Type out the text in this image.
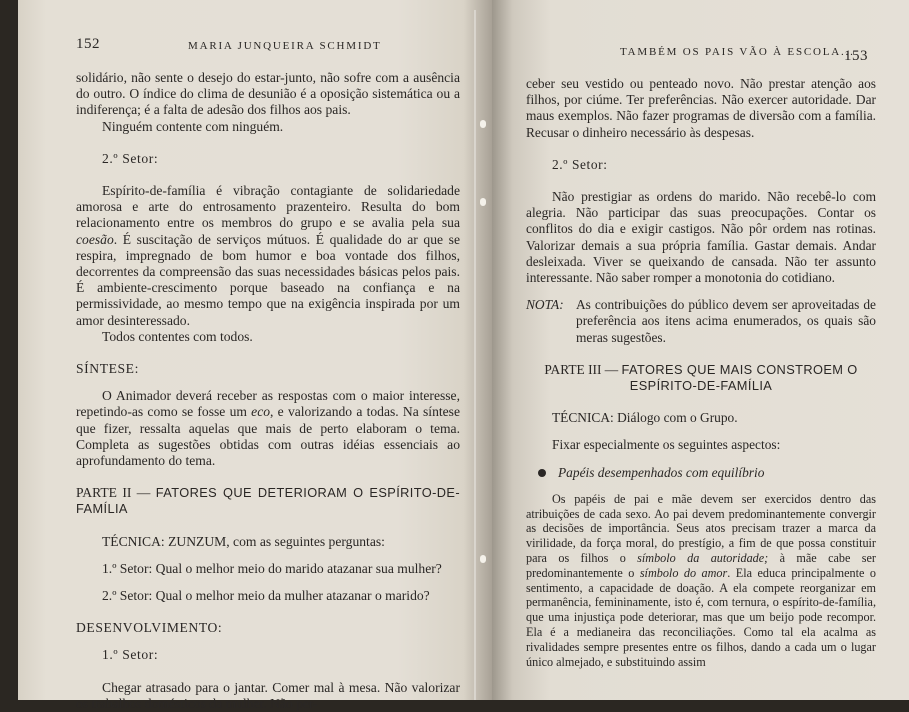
152	MARIA JUNQUEIRA SCHMIDT

solidário, não sente o desejo do estar-junto, não sofre com a ausência do outro. O índice do clima de desunião é a oposição sistemática ou a indiferença; é a falta de adesão dos filhos aos pais.

Ninguém contente com ninguém.

2.º Setor:

Espírito-de-família é vibração contagiante de solidariedade amorosa e arte do entrosamento prazenteiro. Resulta do bom relacionamento entre os membros do grupo e se avalia pela sua coesão. É suscitação de serviços mútuos. É qualidade do ar que se respira, impregnado de bom humor e boa vontade dos filhos, decorrentes da compreensão das suas necessidades básicas pelos pais. É ambiente-crescimento porque baseado na confiança e na permissividade, ao mesmo tempo que na exigência inspirada por um amor desinteressado.

Todos contentes com todos.

SÍNTESE:

O Animador deverá receber as respostas com o maior interesse, repetindo-as como se fosse um eco, e valorizando a todas. Na síntese que fizer, ressalta aquelas que mais de perto elaboram o tema. Completa as sugestões obtidas com outras idéias essenciais ao aprofundamento do tema.

PARTE II — FATORES QUE DETERIORAM O ESPÍRITO-DE-FAMÍLIA

TÉCNICA: ZUNZUM, com as seguintes perguntas:

1.º Setor: Qual o melhor meio do marido atazanar sua mulher?

2.º Setor: Qual o melhor meio da mulher atazanar o marido?

DESENVOLVIMENTO:

1.º Setor:

Chegar atrasado para o jantar. Comer mal à mesa. Não valorizar os trabalhos domésticos da mulher. Não per-

TAMBÉM OS PAIS VÃO À ESCOLA...
153

ceber seu vestido ou penteado novo. Não prestar atenção aos filhos, por ciúme. Ter preferências. Não exercer autoridade. Dar maus exemplos. Não fazer programas de diversão com a família. Recusar o dinheiro necessário às despesas.

2.º Setor:

Não prestigiar as ordens do marido. Não recebê-lo com alegria. Não participar das suas preocupações. Contar os conflitos do dia e exigir castigos. Não pôr ordem nas rotinas. Valorizar demais a sua própria família. Gastar demais. Andar desleixada. Viver se queixando de cansada. Não ter assunto interessante. Não saber romper a monotonia do cotidiano.

NOTA: As contribuições do público devem ser aproveitadas de preferência aos itens acima enumerados, os quais são meras sugestões.

PARTE III — FATORES QUE MAIS CONSTROEM O ESPÍRITO-DE-FAMÍLIA

TÉCNICA: Diálogo com o Grupo.

Fixar especialmente os seguintes aspectos:

Papéis desempenhados com equilíbrio

Os papéis de pai e mãe devem ser exercidos dentro das atribuições de cada sexo. Ao pai devem predominantemente convergir as decisões de importância. Seus atos precisam trazer a marca da virilidade, da força moral, do prestígio, a fim de que possa constituir para os filhos o símbolo da autoridade; à mãe cabe ser predominantemente o símbolo do amor. Ela educa principalmente o sentimento, a capacidade de doação. A ela compete reorganizar em permanência, femininamente, isto é, com ternura, o espírito-de-família, que uma injustiça pode deteriorar, mas que um beijo pode recompor. Ela é a medianeira das reconciliações. Como tal ela acalma as rivalidades sempre presentes entre os filhos, dando a cada um o lugar único almejado, e substituindo assim
